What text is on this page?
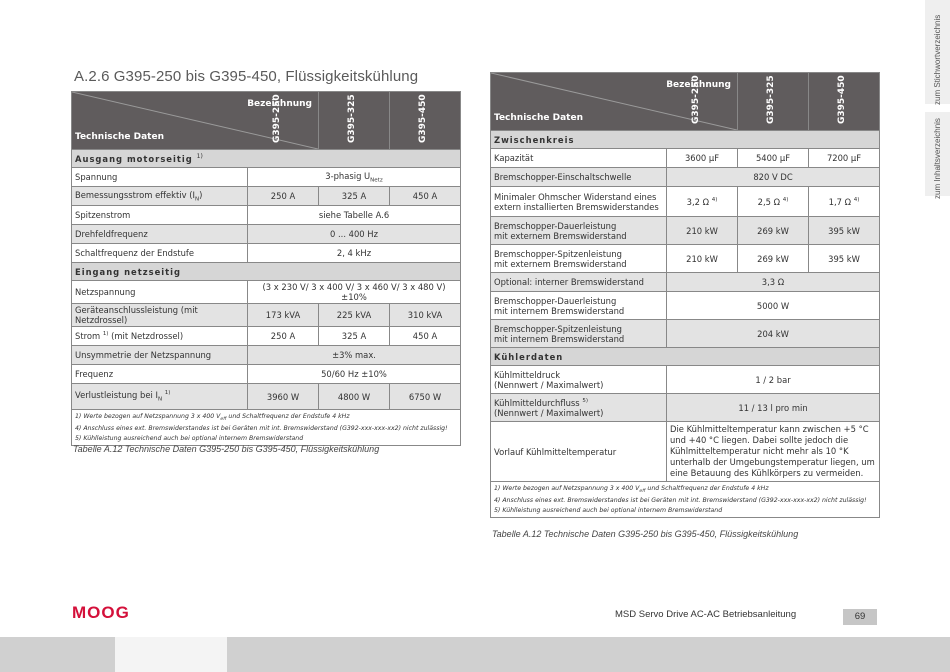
zum Stichwortverzeichnis
zum Inhaltsverzeichnis
A.2.6 G395-250 bis G395-450, Flüssigkeitskühlung
Bezeichnung
Technische Daten G395-250		G395-325	G395-450

Ausgang motorseitig $^{1)}$
Spannung	3-phasig $U_{Netz}$
Bemessungsstrom effektiv $(I_N)$	250 A	325 A	450 A
Spitzenstrom	siehe Tabelle A.6		
Drehfeldfrequenz	0 ... 400 Hz		
Schaltfrequenz der Endstufe	2, 4 kHz		
Eingang netzseitig			
Netzspannung	(3 x 230 V/ 3 x 400 V/ 3 x 460 V/ 3 x 480 V) ±10%		
Geräteanschlussleistung (mit Netzdrossel)	173 kVA	225 kVA	310 kVA
Strom $^{1)}$ (mit Netzdrossel)	250 A	325 A	450 A
Unsymmetrie der Netzspannung	±3% max.		
Frequenz	50/60 Hz ±10%		
Verlustleistung bei $I_N$ $^{1)}$	3960 W	4800 W	6750 W

1) Werte bezogen auf Netzspannung 3 x 400 $V_{eff}$ und Schaltfrequenz der Endstufe 4 kHz
4) Anschluss eines ext. Bremswiderstandes ist bei Geräten mit int. Bremswiderstand (G392-xxx-xxx-xx2) nicht zulässig!
5) Kühlleistung ausreichend auch bei optional internem Bremswiderstand			
Tabelle A.12 Technische Daten G395-250 bis G395-450, Flüssigkeitskühlung
Bezeichnung
Technische Daten G395-250		G395-325	G395-450

Zwischenkreis			
Kapazität	3600 µF	5400 µF	7200 µF
Bremschopper-Einschaltschwelle	820 V DC		

Minimaler Ohmscher Widerstand eines
extern installierten Bremswiderstandes	3,2 Ω $^{4)}$	2,5 Ω $^{4)}$	1,7 Ω $^{4)}$

Bremschopper-Dauerleistung
mit externem Bremswiderstand	210 kW	269 kW	395 kW

Bremschopper-Spitzenleistung
mit externem Bremswiderstand	210 kW	269 kW	395 kW
Optional: interner Bremswiderstand	3,3 Ω		

Bremschopper-Dauerleistung
mit internem Bremswiderstand	5000 W		

Bremschopper-Spitzenleistung
mit internem Bremswiderstand	204 kW		
Kühlerdaten			

Kühlmitteldruck
(Nennwert / Maximalwert)	1 / 2 bar		

Kühlmitteldurchfluss $^{5)}$
(Nennwert / Maximalwert)	11 / 13 l pro min		
Vorlauf Kühlmitteltemperatur	Die Kühlmitteltemperatur kann zwischen +5 °C und +40 °C liegen. Dabei sollte jedoch die Kühlmitteltemperatur nicht mehr als 10 °K unterhalb der Umgebungstemperatur liegen, um eine Betauung des Kühlkörpers zu vermeiden.		

1) Werte bezogen auf Netzspannung 3 x 400 $V_{eff}$ und Schaltfrequenz der Endstufe 4 kHz
4) Anschluss eines ext. Bremswiderstandes ist bei Geräten mit int. Bremswiderstand (G392-xxx-xxx-xx2) nicht zulässig!
5) Kühlleistung ausreichend auch bei optional internem Bremswiderstand			
Tabelle A.12 Technische Daten G395-250 bis G395-450, Flüssigkeitskühlung
MOOG	MSD Servo Drive AC-AC Betriebsanleitung	69
